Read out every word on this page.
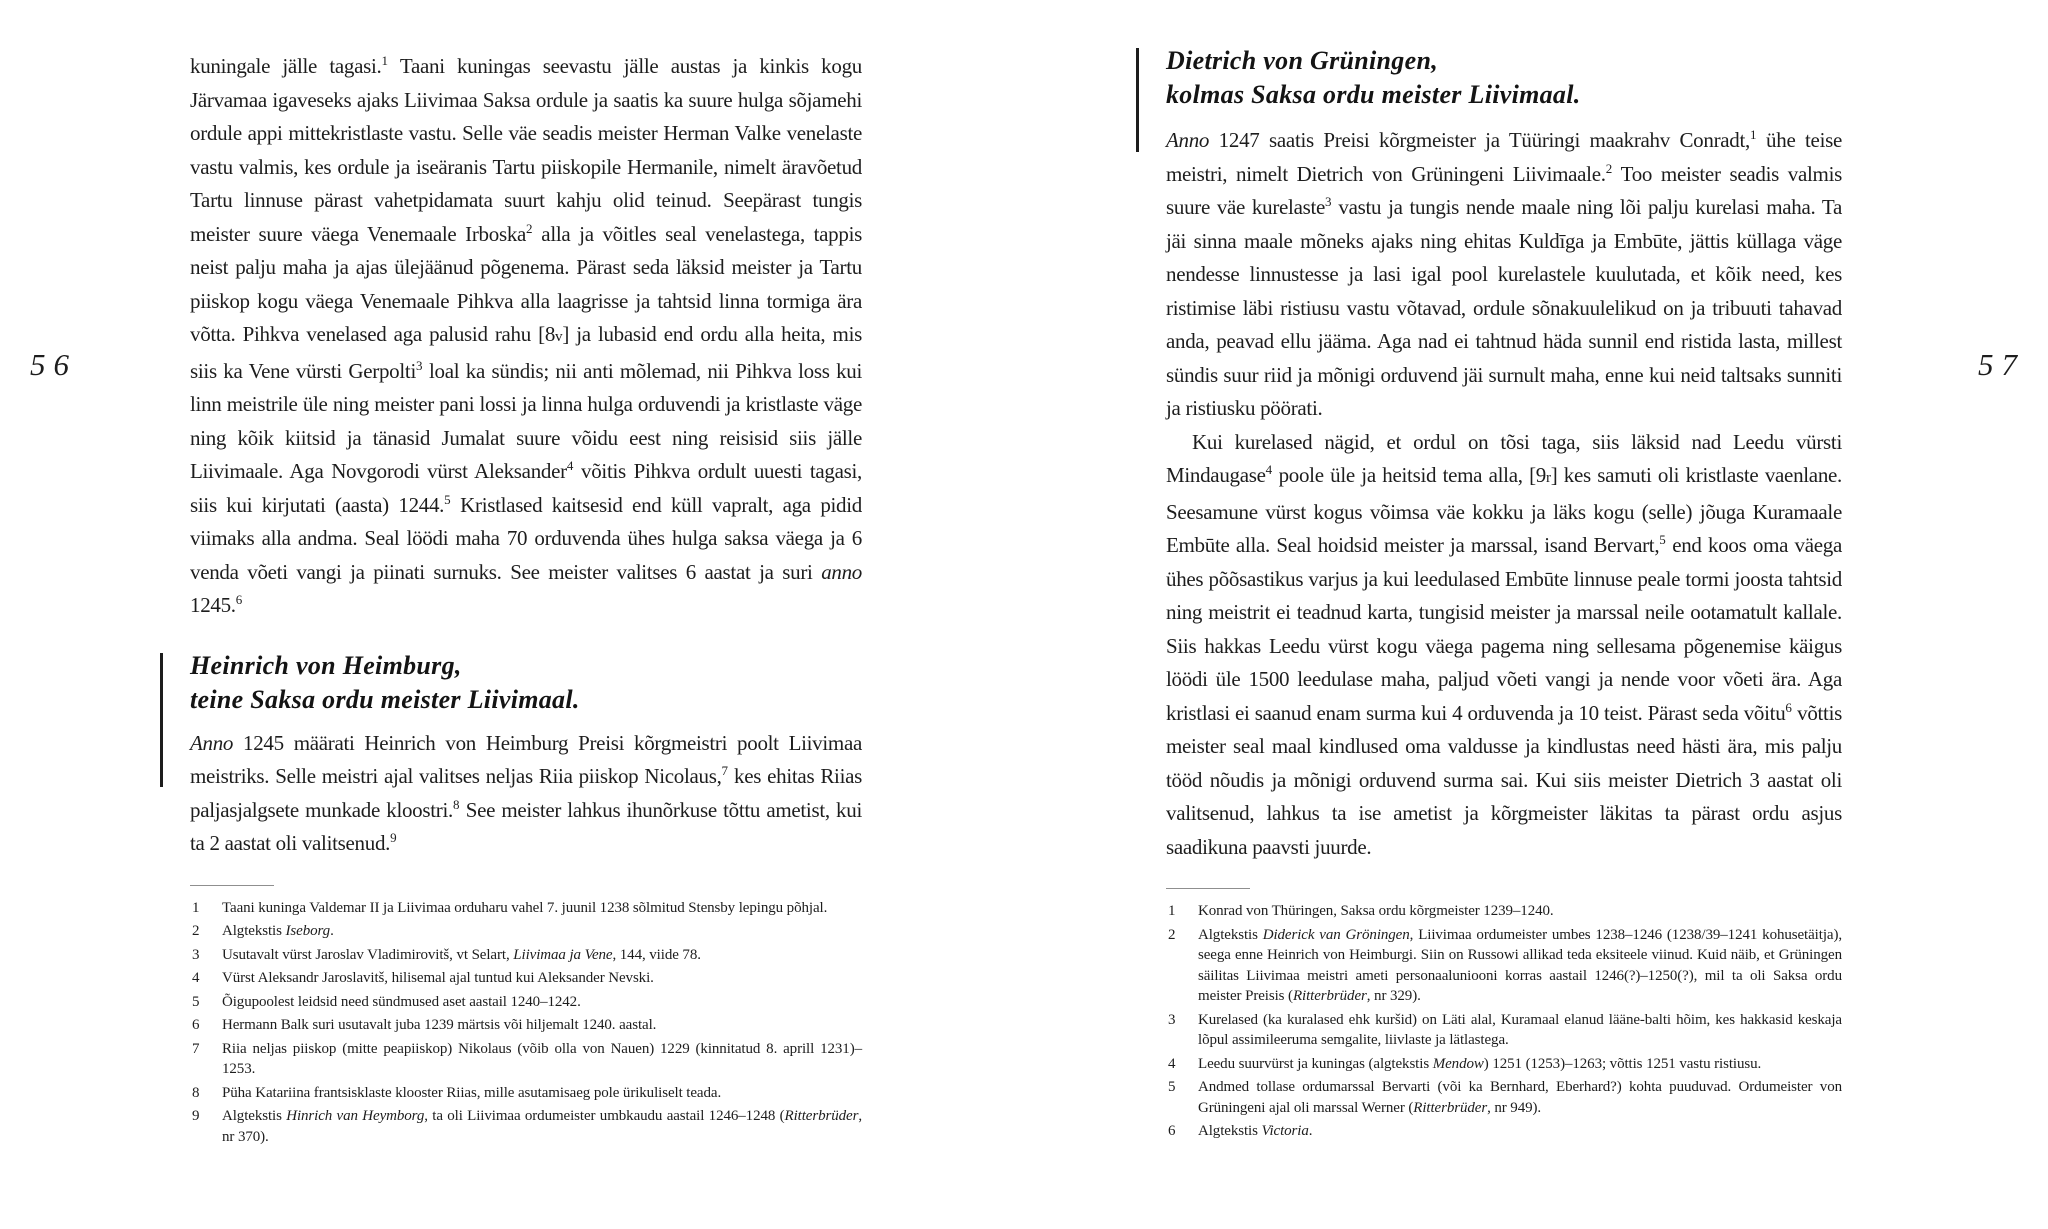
56	57

kuningale jälle tagasi.$^1$ Taani kuningas seevastu jälle austas ja kinkis kogu Järvamaa igaveseks ajaks Liivimaa Saksa ordule ja saatis ka suure hulga sõjamehi ordule appi mittekristlaste vastu. Selle väe seadis meister Herman Valke venelaste vastu valmis, kes ordule ja iseäranis Tartu piiskopile Hermanile, nimelt äravõetud Tartu linnuse pärast vahetpidamata suurt kahju olid teinud. Seepärast tungis meister suure väega Venemaale Irboska$^2$ alla ja võitles seal venelastega, tappis neist palju maha ja ajas ülejäänud põgenema. Pärast seda läksid meister ja Tartu piiskop kogu väega Venemaale Pihkva alla laagrisse ja tahtsid linna tormiga ära võtta. Pihkva venelased aga palusid rahu [8v] ja lubasid end ordu alla heita, mis siis ka Vene vürsti Gerpolti$^3$ loal ka sündis; nii anti mõlemad, nii Pihkva loss kui linn meistrile üle ning meister pani lossi ja linna hulga orduvendi ja kristlaste väge ning kõik kiitsid ja tänasid Jumalat suure võidu eest ning reisisid siis jälle Liivimaale. Aga Novgorodi vürst Aleksander$^4$ võitis Pihkva ordult uuesti tagasi, siis kui kirjutati (aasta) 1244.$^5$ Kristlased kaitsesid end küll vapralt, aga pidid viimaks alla andma. Seal löödi maha 70 orduvenda ühes hulga saksa väega ja 6 venda võeti vangi ja piinati surnuks. See meister valitses 6 aastat ja suri anno 1245.$^6$

Heinrich von Heimburg,
teine Saksa ordu meister Liivimaal.

Anno 1245 määrati Heinrich von Heimburg Preisi kõrgmeistri poolt Liivimaa meistriks. Selle meistri ajal valitses neljas Riia piiskop Nicolaus,$^7$ kes ehitas Riias paljasjalgsete munkade kloostri.$^8$ See meister lahkus ihunõrkuse tõttu ametist, kui ta 2 aastat oli valitsenud.$^9$

1 Taani kuninga Valdemar II ja Liivimaa orduharu vahel 7. juunil 1238 sõlmitud Stensby lepingu põhjal.
2 Algtekstis Iseborg.
3 Usutavalt vürst Jaroslav Vladimirovitš, vt Selart, Liivimaa ja Vene, 144, viide 78.
4 Vürst Aleksandr Jaroslavitš, hilisemal ajal tuntud kui Aleksander Nevski.
5 Õigupoolest leidsid need sündmused aset aastail 1240–1242.
6 Hermann Balk suri usutavalt juba 1239 märtsis või hiljemalt 1240. aastal.
7 Riia neljas piiskop (mitte peapiiskop) Nikolaus (võib olla von Nauen) 1229 (kinnitatud 8. aprill 1231)–1253.
8 Püha Katariina frantsisklaste klooster Riias, mille asutamisaeg pole ürikuliselt teada.
9 Algtekstis Hinrich van Heymborg, ta oli Liivimaa ordumeister umbkaudu aastail 1246–1248 (Ritterbrüder, nr 370).
Dietrich von Grüningen,
kolmas Saksa ordu meister Liivimaal.

Anno 1247 saatis Preisi kõrgmeister ja Tüüringi maakrahv Conradt,$^1$ ühe teise meistri, nimelt Dietrich von Grüningeni Liivimaale.$^2$ Too meister seadis valmis suure väe kurelaste$^3$ vastu ja tungis nende maale ning lõi palju kurelasi maha. Ta jäi sinna maale mõneks ajaks ning ehitas Kuldīga ja Embūte, jättis küllaga väge nendesse linnustesse ja lasi igal pool kurelastele kuulutada, et kõik need, kes ristimise läbi ristiusu vastu võtavad, ordule sõnakuulelikud on ja tribuuti tahavad anda, peavad ellu jääma. Aga nad ei tahtnud häda sunnil end ristida lasta, millest sündis suur riid ja mõnigi orduvend jäi surnult maha, enne kui neid taltsaks sunniti ja ristiusku pöörati.

Kui kurelased nägid, et ordul on tõsi taga, siis läksid nad Leedu vürsti Mindaugase$^4$ poole üle ja heitsid tema alla, [9r] kes samuti oli kristlaste vaenlane. Seesamune vürst kogus võimsa väe kokku ja läks kogu (selle) jõuga Kuramaale Embūte alla. Seal hoidsid meister ja marssal, isand Bervart,$^5$ end koos oma väega ühes põõsastikus varjus ja kui leedulased Embūte linnuse peale tormi joosta tahtsid ning meistrit ei teadnud karta, tungisid meister ja marssal neile ootamatult kallale. Siis hakkas Leedu vürst kogu väega pagema ning sellesama põgenemise käigus löödi üle 1500 leedulase maha, paljud võeti vangi ja nende voor võeti ära. Aga kristlasi ei saanud enam surma kui 4 orduvenda ja 10 teist. Pärast seda võitu$^6$ võttis meister seal maal kindlused oma valdusse ja kindlustas need hästi ära, mis palju tööd nõudis ja mõnigi orduvend surma sai. Kui siis meister Dietrich 3 aastat oli valitsenud, lahkus ta ise ametist ja kõrgmeister läkitas ta pärast ordu asjus saadikuna paavsti juurde.

1 Konrad von Thüringen, Saksa ordu kõrgmeister 1239–1240.
2 Algtekstis Diderick van Gröningen, Liivimaa ordumeister umbes 1238–1246 (1238/39–1241 kohusetäitja), seega enne Heinrich von Heimburgi. Siin on Russowi allikad teda eksiteele viinud. Kuid näib, et Grüningen säilitas Liivimaa meistri ameti personaaluniooni korras aastail 1246(?)–1250(?), mil ta oli Saksa ordu meister Preisis (Ritterbrüder, nr 329).
3 Kurelased (ka kuralased ehk kuršid) on Läti alal, Kuramaal elanud lääne-balti hõim, kes hakkasid keskaja lõpul assimileeruma semgalite, liivlaste ja lätlastega.
4 Leedu suurvürst ja kuningas (algtekstis Mendow) 1251 (1253)–1263; võttis 1251 vastu ristiusu.
5 Andmed tollase ordumarssal Bervarti (või ka Bernhard, Eberhard?) kohta puuduvad. Ordumeister von Grüningeni ajal oli marssal Werner (Ritterbrüder, nr 949).
6 Algtekstis Victoria.
